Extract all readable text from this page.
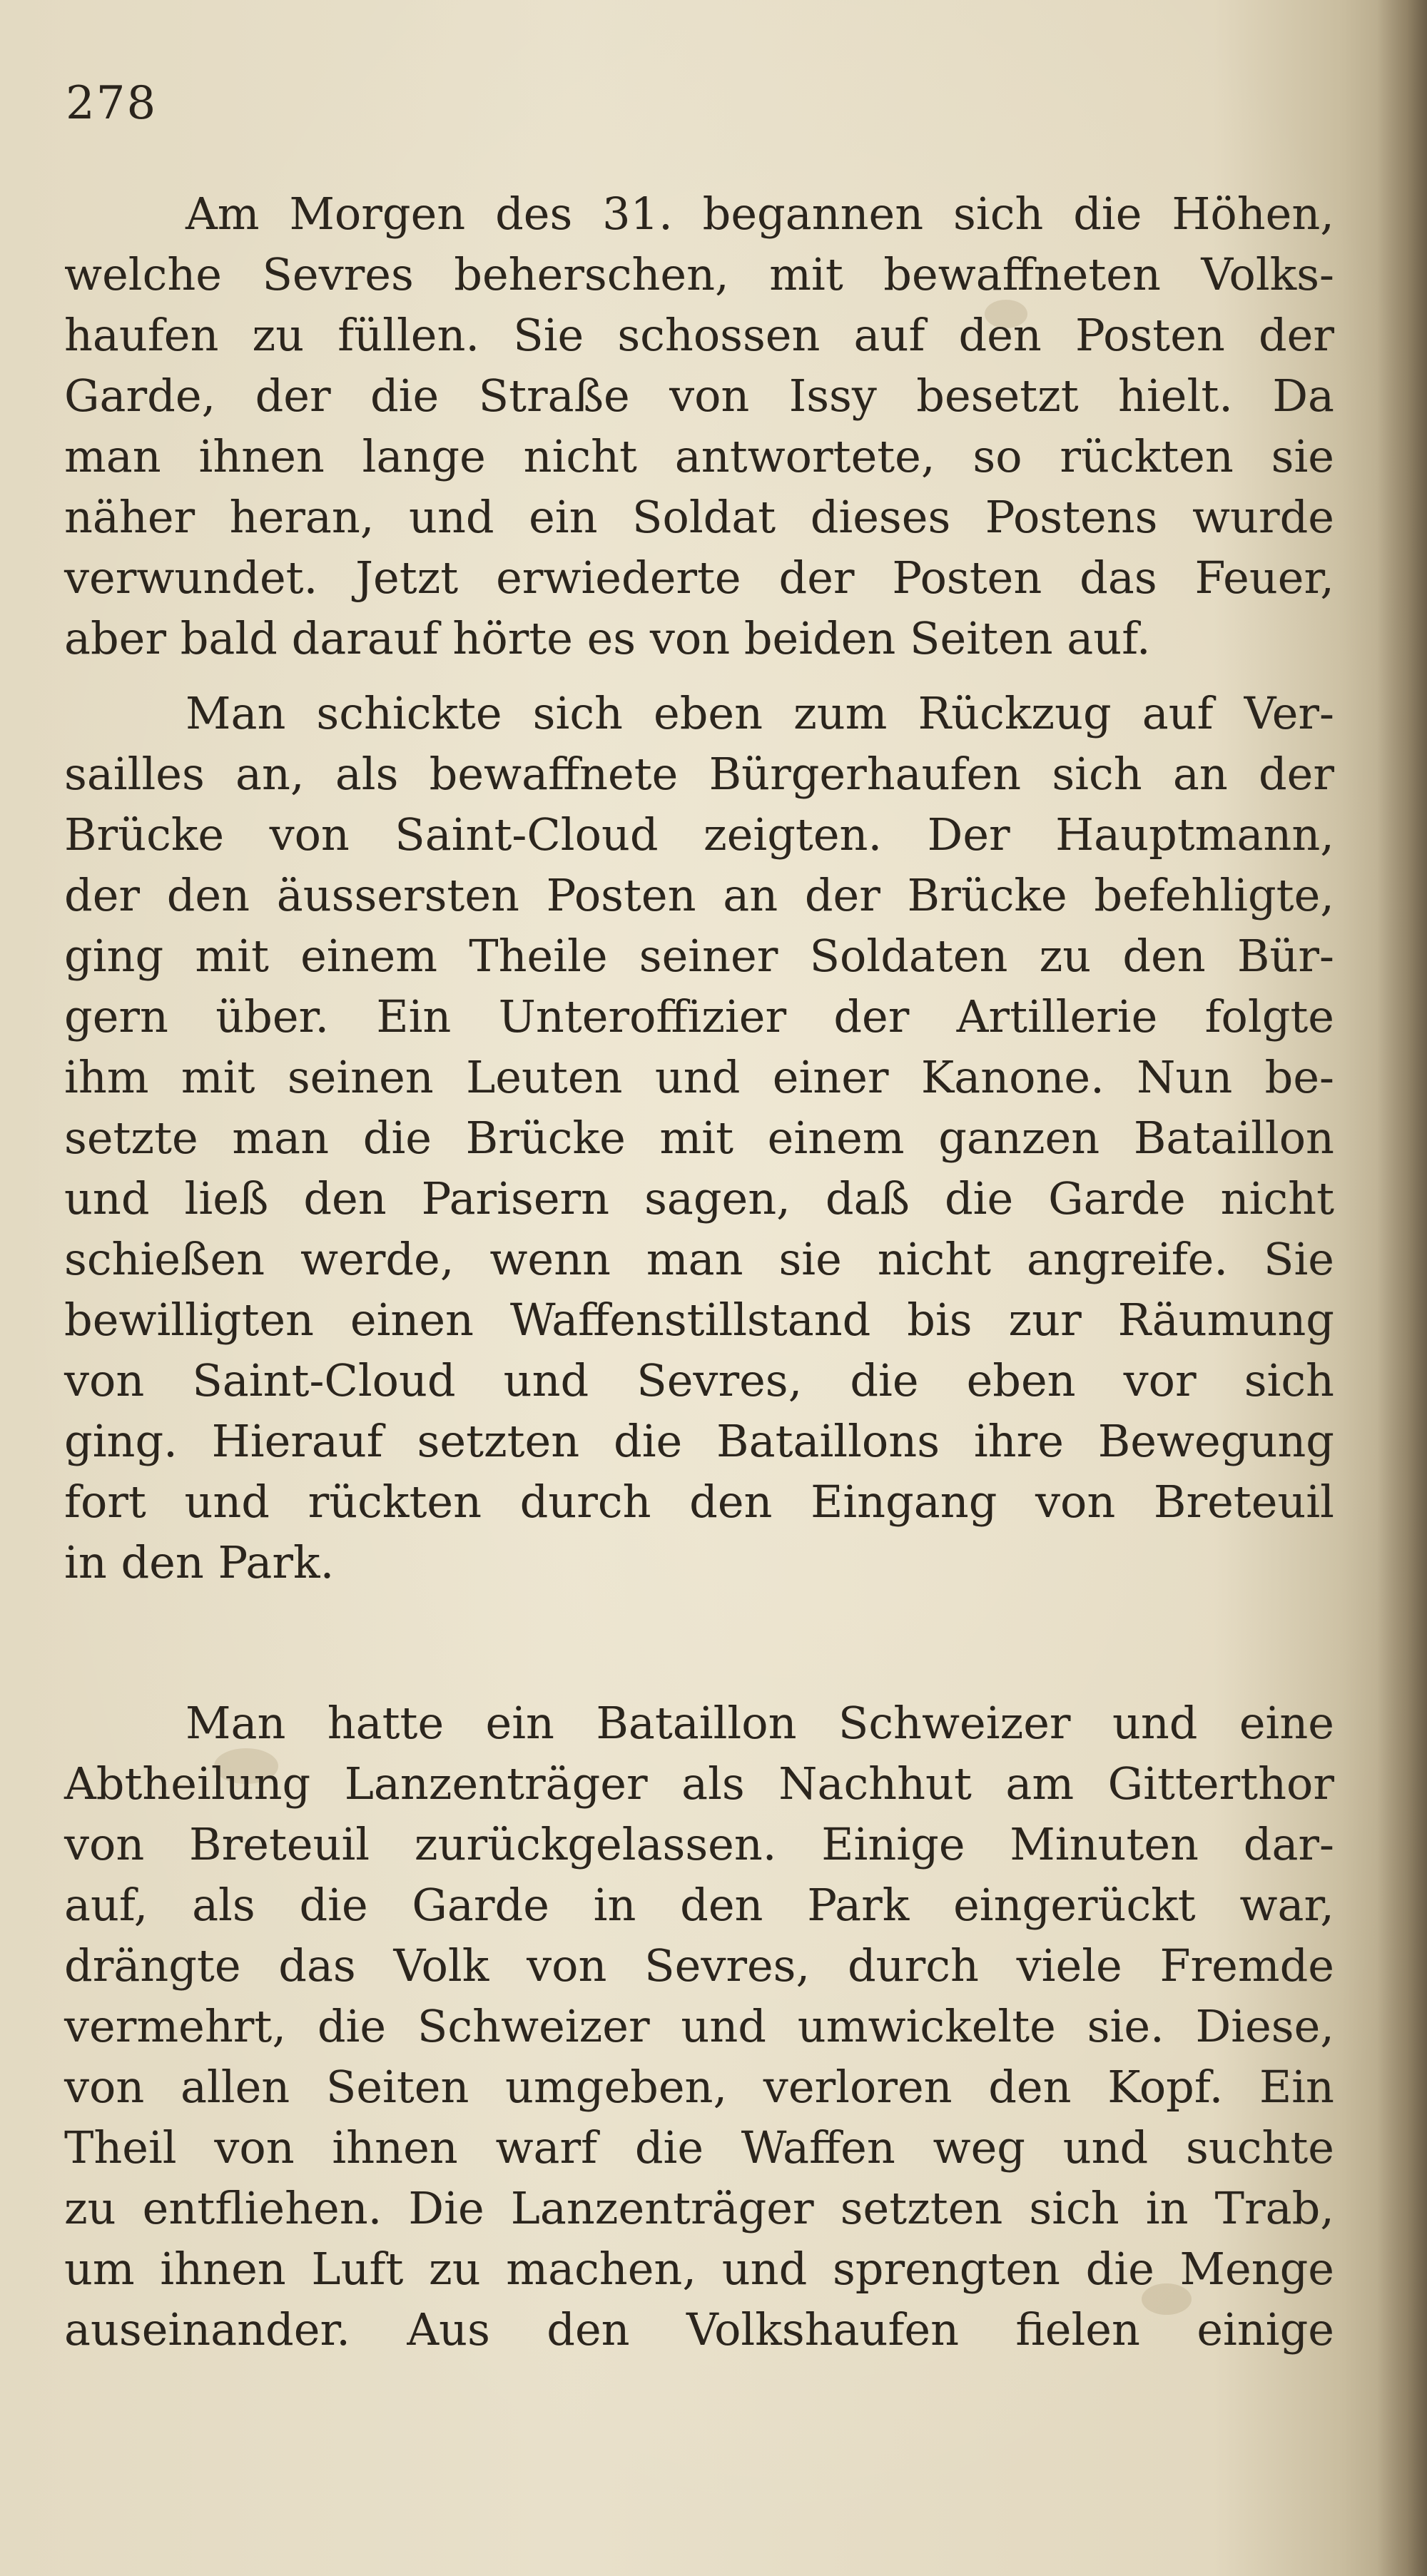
278
Am Morgen des 31. begannen sich die Höhen,
welche Sevres beherschen, mit bewaffneten Volks-
haufen zu füllen. Sie schossen auf den Posten der
Garde, der die Straße von Issy besetzt hielt. Da
man ihnen lange nicht antwortete, so rückten sie
näher heran, und ein Soldat dieses Postens wurde
verwundet. Jetzt erwiederte der Posten das Feuer,
aber bald darauf hörte es von beiden Seiten auf.
Man schickte sich eben zum Rückzug auf Ver-
sailles an, als bewaffnete Bürgerhaufen sich an der
Brücke von Saint-Cloud zeigten. Der Hauptmann,
der den äussersten Posten an der Brücke befehligte,
ging mit einem Theile seiner Soldaten zu den Bür-
gern über. Ein Unteroffizier der Artillerie folgte
ihm mit seinen Leuten und einer Kanone. Nun be-
setzte man die Brücke mit einem ganzen Bataillon
und ließ den Parisern sagen, daß die Garde nicht
schießen werde, wenn man sie nicht angreife. Sie
bewilligten einen Waffenstillstand bis zur Räumung
von Saint-Cloud und Sevres, die eben vor sich
ging. Hierauf setzten die Bataillons ihre Bewegung
fort und rückten durch den Eingang von Breteuil
in den Park.
Man hatte ein Bataillon Schweizer und eine
Abtheilung Lanzenträger als Nachhut am Gitterthor
von Breteuil zurückgelassen. Einige Minuten dar-
auf, als die Garde in den Park eingerückt war,
drängte das Volk von Sevres, durch viele Fremde
vermehrt, die Schweizer und umwickelte sie. Diese,
von allen Seiten umgeben, verloren den Kopf. Ein
Theil von ihnen warf die Waffen weg und suchte
zu entfliehen. Die Lanzenträger setzten sich in Trab,
um ihnen Luft zu machen, und sprengten die Menge
auseinander. Aus den Volkshaufen fielen einige
